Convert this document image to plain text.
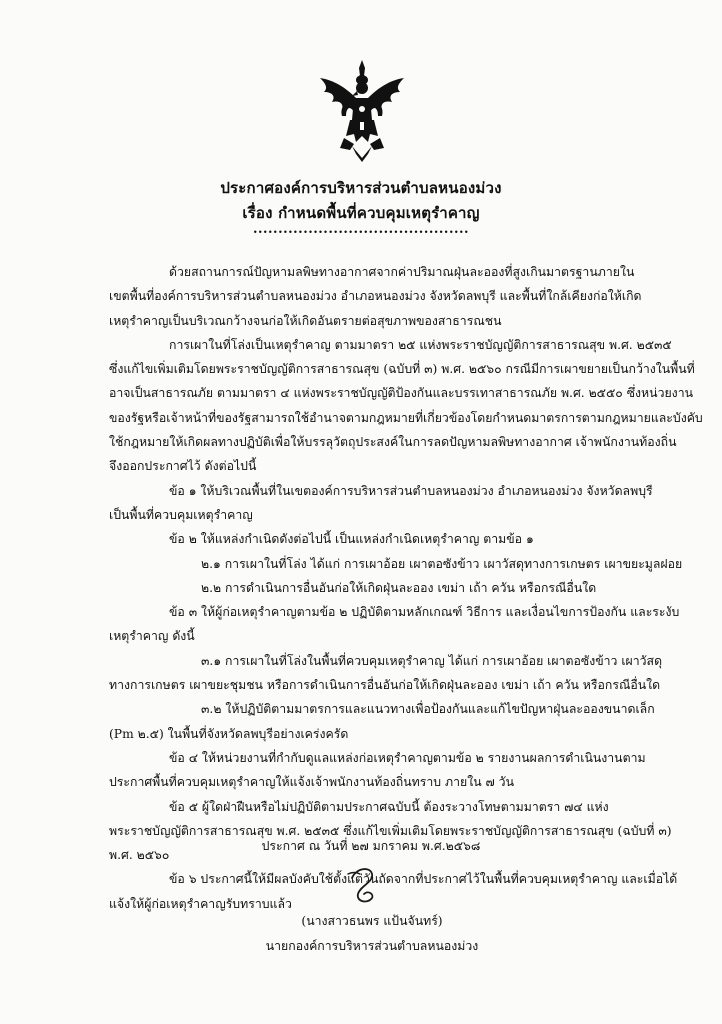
ประกาศองค์การบริหารส่วนตำบลหนองม่วง
เรื่อง กำหนดพื้นที่ควบคุมเหตุรำคาญ
...........................................
ด้วยสถานการณ์ปัญหามลพิษทางอากาศจากค่าปริมาณฝุ่นละอองที่สูงเกินมาตรฐานภายใน
เขตพื้นที่องค์การบริหารส่วนตำบลหนองม่วง อำเภอหนองม่วง จังหวัดลพบุรี และพื้นที่ใกล้เคียงก่อให้เกิด
เหตุรำคาญเป็นบริเวณกว้างจนก่อให้เกิดอันตรายต่อสุขภาพของสาธารณชน
การเผาในที่โล่งเป็นเหตุรำคาญ ตามมาตรา ๒๕ แห่งพระราชบัญญัติการสาธารณสุข พ.ศ. ๒๕๓๕
ซึ่งแก้ไขเพิ่มเติมโดยพระราชบัญญัติการสาธารณสุข (ฉบับที่ ๓) พ.ศ. ๒๕๖๐ กรณีมีการเผาขยายเป็นกว้างในพื้นที่
อาจเป็นสาธารณภัย ตามมาตรา ๔ แห่งพระราชบัญญัติป้องกันและบรรเทาสาธารณภัย พ.ศ. ๒๕๕๐ ซึ่งหน่วยงาน
ของรัฐหรือเจ้าหน้าที่ของรัฐสามารถใช้อำนาจตามกฎหมายที่เกี่ยวข้องโดยกำหนดมาตรการตามกฎหมายและบังคับ
ใช้กฎหมายให้เกิดผลทางปฏิบัติเพื่อให้บรรลุวัตถุประสงค์ในการลดปัญหามลพิษทางอากาศ เจ้าพนักงานท้องถิ่น
จึงออกประกาศไว้ ดังต่อไปนี้
ข้อ ๑ ให้บริเวณพื้นที่ในเขตองค์การบริหารส่วนตำบลหนองม่วง อำเภอหนองม่วง จังหวัดลพบุรี
เป็นพื้นที่ควบคุมเหตุรำคาญ
ข้อ ๒ ให้แหล่งกำเนิดดังต่อไปนี้ เป็นแหล่งกำเนิดเหตุรำคาญ ตามข้อ ๑
๒.๑ การเผาในที่โล่ง ได้แก่ การเผาอ้อย เผาตอซังข้าว เผาวัสดุทางการเกษตร เผาขยะมูลฝอย
๒.๒ การดำเนินการอื่นอันก่อให้เกิดฝุ่นละออง เขม่า เถ้า ควัน หรือกรณีอื่นใด
ข้อ ๓ ให้ผู้ก่อเหตุรำคาญตามข้อ ๒ ปฏิบัติตามหลักเกณฑ์ วิธีการ และเงื่อนไขการป้องกัน และระงับ
เหตุรำคาญ ดังนี้
๓.๑ การเผาในที่โล่งในพื้นที่ควบคุมเหตุรำคาญ ได้แก่ การเผาอ้อย เผาตอซังข้าว เผาวัสดุ
ทางการเกษตร เผาขยะชุมชน หรือการดำเนินการอื่นอันก่อให้เกิดฝุ่นละออง เขม่า เถ้า ควัน หรือกรณีอื่นใด
๓.๒ ให้ปฏิบัติตามมาตรการและแนวทางเพื่อป้องกันและแก้ไขปัญหาฝุ่นละอองขนาดเล็ก
(Pm ๒.๕) ในพื้นที่จังหวัดลพบุรีอย่างเคร่งครัด
ข้อ ๔ ให้หน่วยงานที่กำกับดูแลแหล่งก่อเหตุรำคาญตามข้อ ๒ รายงานผลการดำเนินงานตาม
ประกาศพื้นที่ควบคุมเหตุรำคาญให้แจ้งเจ้าพนักงานท้องถิ่นทราบ ภายใน ๗ วัน
ข้อ ๕ ผู้ใดฝ่าฝืนหรือไม่ปฏิบัติตามประกาศฉบับนี้ ต้องระวางโทษตามมาตรา ๗๔ แห่ง
พระราชบัญญัติการสาธารณสุข พ.ศ. ๒๕๓๕ ซึ่งแก้ไขเพิ่มเติมโดยพระราชบัญญัติการสาธารณสุข (ฉบับที่ ๓)
พ.ศ. ๒๕๖๐
ข้อ ๖ ประกาศนี้ให้มีผลบังคับใช้ตั้งแต่วันถัดจากที่ประกาศไว้ในพื้นที่ควบคุมเหตุรำคาญ และเมื่อได้
แจ้งให้ผู้ก่อเหตุรำคาญรับทราบแล้ว
ประกาศ ณ วันที่ ๒๗ มกราคม พ.ศ.๒๕๖๘
(นางสาวธนพร แป้นจันทร์)
นายกองค์การบริหารส่วนตำบลหนองม่วง
